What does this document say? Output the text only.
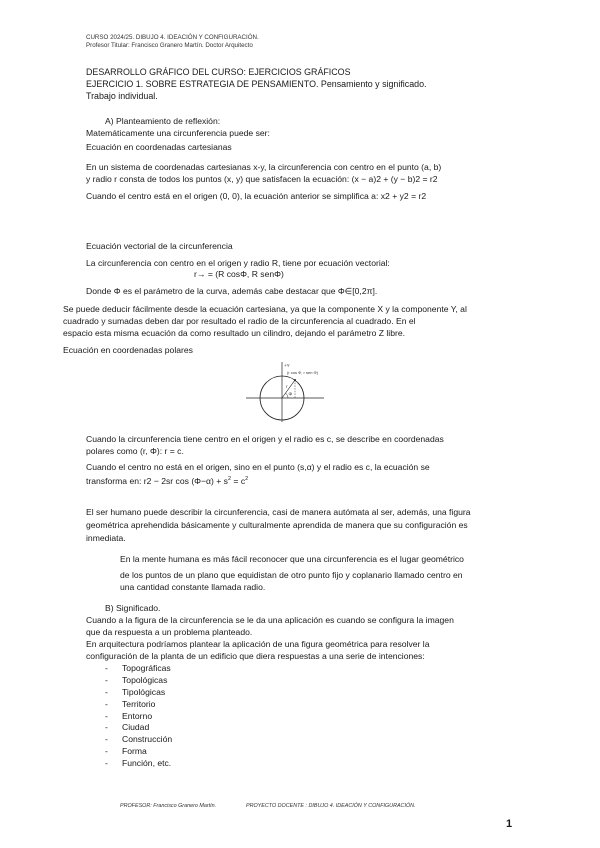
CURSO 2024/25. DIBUJO 4. IDEACIÓN Y CONFIGURACIÓN.
Profesor Titular: Francisco Granero Martín. Doctor Arquitecto
DESARROLLO GRÁFICO DEL CURSO: EJERCICIOS GRÁFICOS
EJERCICIO 1. SOBRE ESTRATEGIA DE PENSAMIENTO. Pensamiento y significado.
Trabajo individual.
A) Planteamiento de reflexión:
Matemáticamente una circunferencia puede ser:
Ecuación en coordenadas cartesianas
En un sistema de coordenadas cartesianas x-y, la circunferencia con centro en el punto (a, b)
y radio r consta de todos los puntos (x, y) que satisfacen la ecuación: (x − a)2 + (y − b)2 = r2
Cuando el centro está en el origen (0, 0), la ecuación anterior se simplifica a: x2 + y2 = r2
Ecuación vectorial de la circunferencia
La circunferencia con centro en el origen y radio R, tiene por ecuación vectorial:
r→ = (R cosΦ, R senΦ)
Donde Φ es el parámetro de la curva, además cabe destacar que Φ∈[0,2π].
Se puede deducir fácilmente desde la ecuación cartesiana, ya que la componente X y la componente Y, al
cuadrado y sumadas deben dar por resultado el radio de la circunferencia al cuadrado. En el
espacio esta misma ecuación da como resultado un cilindro, dejando el parámetro Z libre.
Ecuación en coordenadas polares
+Y
(r cos Φ, r sen Φ)
r
Φ
Cuando la circunferencia tiene centro en el origen y el radio es c, se describe en coordenadas
polares como (r, Φ): r = c.
Cuando el centro no está en el origen, sino en el punto (s,α) y el radio es c, la ecuación se
transforma en: r2 − 2sr $\cos (\Phi-\alpha) + s^2 = c^2$
El ser humano puede describir la circunferencia, casi de manera autómata al ser, además, una figura
geométrica aprehendida básicamente y culturalmente aprendida de manera que su configuración es
inmediata.
En la mente humana es más fácil reconocer que una circunferencia es el lugar geométrico
de los puntos de un plano que equidistan de otro punto fijo y coplanario llamado centro en
una cantidad constante llamada radio.
B) Significado.
Cuando a la figura de la circunferencia se le da una aplicación es cuando se configura la imagen
que da respuesta a un problema planteado.
En arquitectura podríamos plantear la aplicación de una figura geométrica para resolver la
configuración de la planta de un edificio que diera respuestas a una serie de intenciones:
- Topográficas
- Topológicas
- Tipológicas
- Territorio
- Entorno
- Ciudad
- Construcción
- Forma
- Función, etc.
PROFESOR: Francisco Granero Martín.	PROYECTO DOCENTE : DIBUJO 4. IDEACIÓN Y CONFIGURACIÓN.
1
